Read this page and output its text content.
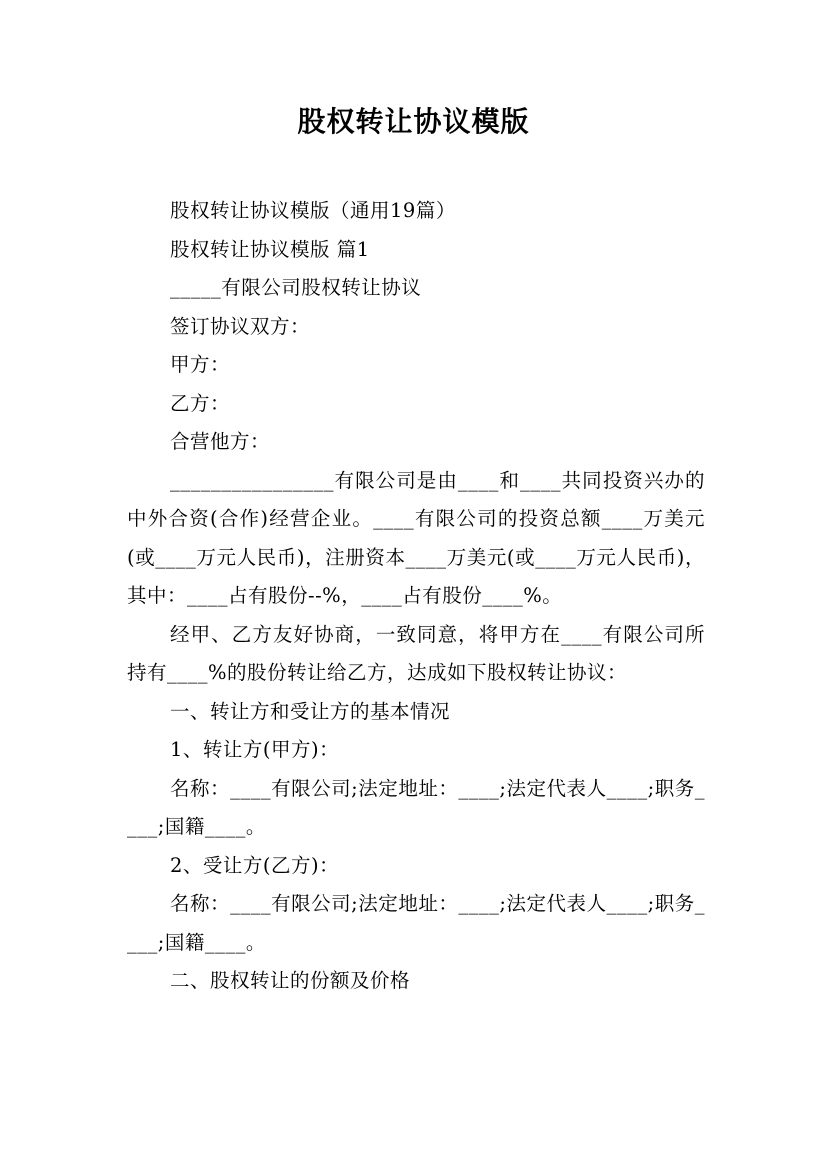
股权转让协议模版

股权转让协议模版（通用19篇）

股权转让协议模版 篇1

_____有限公司股权转让协议

签订协议双方：

甲方：

乙方：

合营他方：

________________有限公司是由____和____共同投资兴办的中外合资(合作)经营企业。____有限公司的投资总额____万美元(或____万元人民币)，注册资本____万美元(或____万元人民币)，其中：____占有股份--%，____占有股份____%。

经甲、乙方友好协商，一致同意，将甲方在____有限公司所持有____%的股份转让给乙方，达成如下股权转让协议：

一、转让方和受让方的基本情况

1、转让方(甲方)：

名称：____有限公司;法定地址：____;法定代表人____;职务____;国籍____。

2、受让方(乙方)：

名称：____有限公司;法定地址：____;法定代表人____;职务____;国籍____。

二、股权转让的份额及价格
